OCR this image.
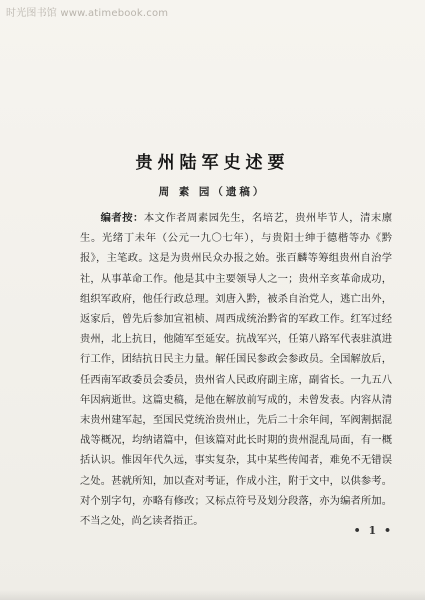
时光图书馆 www.atimebook.com
贵州陆军史述要
周 素 园（遗稿）

编者按：本文作者周素园先生，名培艺，贵州毕节人，清末廪生。光绪丁未年（公元一九〇七年），与贵阳士绅于德楷等办《黔报》，主笔政。这是为贵州民众办报之始。张百麟等筹组贵州自治学社，从事革命工作。他是其中主要领导人之一；贵州辛亥革命成功，组织军政府，他任行政总理。刘唐入黔，被杀自治党人，逃亡出外，返家后，曾先后参加宣祖桢、周西成统治黔省的军政工作。红军过经贵州，北上抗日，他随军至延安。抗战军兴，任第八路军代表驻滇进行工作，团结抗日民主力量。解任国民参政会参政员。全国解放后，任西南军政委员会委员，贵州省人民政府副主席，副省长。一九五八年因病逝世。这篇史稿，是他在解放前写成的，未曾发表。内容从清末贵州建军起，至国民党统治贵州止，先后二十余年间，军阀割据混战等概况，均纳诸篇中，但该篇对此长时期的贵州混乱局面，有一概括认识。惟因年代久远，事实复杂，其中某些传闻者，难免不无错误之处。甚就所知，加以查对考证，作成小注，附于文中，以供参考。对个别字句，亦略有修改；又标点符号及划分段落，亦为编者所加。不当之处，尚乞读者指正。

• 1 •
